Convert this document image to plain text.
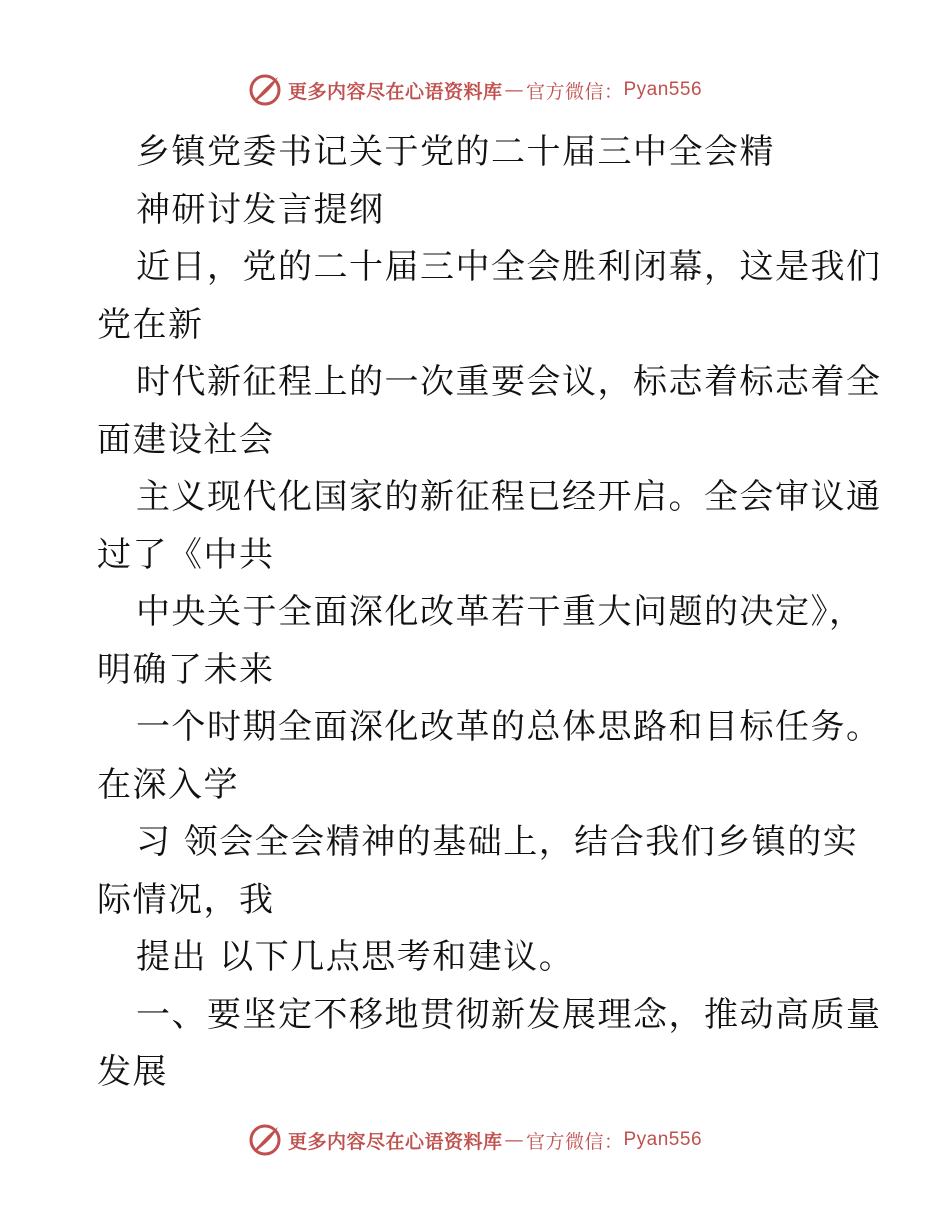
更多内容尽在心语资料库 — 官方微信： Pyan556
乡镇党委书记关于党的二十届三中全会精
神研讨发言提纲
近日，党的二十届三中全会胜利闭幕，这是我们
党在新
时代新征程上的一次重要会议，标志着标志着全
面建设社会
主义现代化国家的新征程已经开启。全会审议通
过了《中共
中央关于全面深化改革若干重大问题的决定》，
明确了未来
一个时期全面深化改革的总体思路和目标任务。
在深入学
习 领会全会精神的基础上，结合我们乡镇的实
际情况，我
提出 以下几点思考和建议。
一、要坚定不移地贯彻新发展理念，推动高质量
发展
更多内容尽在心语资料库 — 官方微信： Pyan556
